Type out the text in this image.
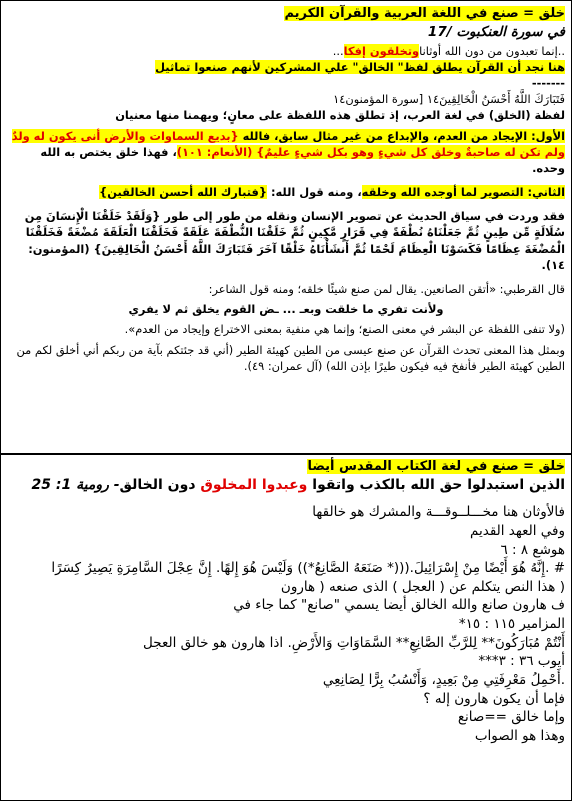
خلق = صنع في اللغة العربية والقرآن الكريم

في سورة العنكبوت /17

..إنما تعبدون من دون الله أوثاناوتخلقون إفكا...

هنا نجد أن القرآن يطلق لفظ" الخالق" علي المشركين لأنهم صنعوا تماثيل

-------

فَتَبَارَكَ اللَّهُ أَحْسَنُ الْخَالِقِينَ١٤ [سورة المؤمنون١٤

لفظة (الخلق) في لغة العرب، إذ تطلق هذه اللفظة على معانٍ؛ ويهمنا منها معنيان

الأول: الإيجاد من العدم، والإبداع من غير مثال سابق، فالله {بديع السماوات والأرض أنى يكون له ولدٌ ولم تكن له صاحبةٌ وخلق كل شيءٍ وهو بكل شيءٍ عليمٌ} (الأنعام: ١٠١)، فهذا خلق يختص به الله وحده.

الثاني: التصوير لما أوجده الله وخلقه، ومنه قول الله: {فتبارك الله أحسن الخالقين}

فقد وردت في سياق الحديث عن تصوير الإنسان ونقله من طور إلى طور {وَلَقَدْ خَلَقْنَا الْإِنسَانَ مِن سُلَالَةٍ مِّن طِينٍ ثُمَّ جَعَلْنَاهُ نُطْفَةً فِي قَرَارٍ مَّكِينٍ ثُمَّ خَلَقْنَا النُّطْفَةَ عَلَقَةً فَخَلَقْنَا الْعَلَقَةَ مُضْغَةً فَخَلَقْنَا الْمُضْغَةَ عِظَامًا فَكَسَوْنَا الْعِظَامَ لَحْمًا ثُمَّ أَنشَأْنَاهُ خَلْقًا آخَرَ فَتَبَارَكَ اللَّهُ أَحْسَنُ الْخَالِقِينَ} (المؤمنون: ١٤).

قال القرطبي: «أتقن الصانعين. يقال لمن صنع شيئًا خلقه؛ ومنه قول الشاعر:

ولأنت تفري ما خلقت وبعـ ... ـض القوم يخلق ثم لا يفري

(ولا تنفى اللفظة عن البشر في معنى الصنع؛ وإنما هي منفية بمعنى الاختراع وإيجاد من العدم».

وبمثل هذا المعنى تحدث القرآن عن صنع عيسى من الطين كهيئة الطير (أني قد جئتكم بآية من ربكم أني أخلق لكم من الطين كهيئة الطير فأنفخ فيه فيكون طيرًا بإذن الله) (آل عمران: ٤٩).

خلق = صنع في لغة الكتاب المقدس أيضا

الذين استبدلوا حق الله بالكذب واتقوا وعبدوا المخلوق دون الخالق- رومية 1: 25

فالأوثان هنا مخـــلــوقـــة والمشرك هو خالقها

وفي العهد القديم

هوشع ٨ : ٦

# .إِنَّهُ هُوَ أَيْضًا مِنْ إِسْرَائِيلَ.(((* صَنَعَهُ الصَّانِعُ*)) وَلَيْسَ هُوَ إِلهًا. إِنَّ عِجْلَ السَّامِرَةِ يَصِيرُ كِسَرًا

( هذا النص يتكلم عن ( العجل ) الذى صنعه ( هارون

ف هارون صانع والله الخالق أيضا يسمي "صانع" كما جاء في

المزامير ١١٥ : ١٥*

أَنْتُمْ مُبَارَكُونَ** لِلرَّبِّ الصَّانِعِ** السَّمَاوَاتِ وَالأَرْضِ. اذا هارون هو خالق العجل

أيوب ٣٦ : ٣***

.أَحْمِلُ مَعْرِفَتِي مِنْ بَعِيدٍ، وَأَنْسُبُ بِرًّا لِصَانِعِي

فإما أن يكون هارون إله ؟

وإما خالق ==صانع

وهذا هو الصواب
